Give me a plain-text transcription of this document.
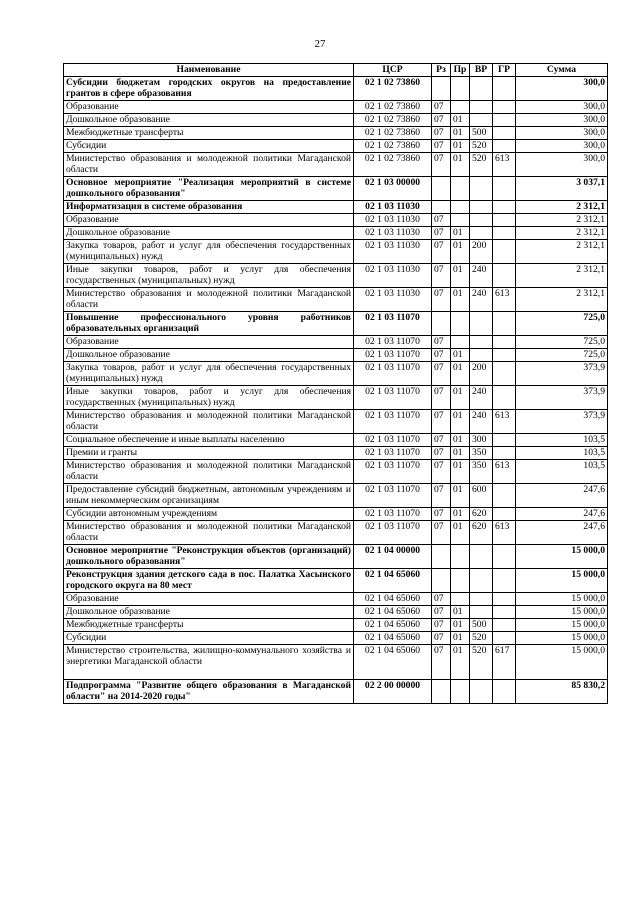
27
Наименование	ЦСР	Рз	Пр	ВР	ГР	Сумма
Субсидии бюджетам городских округов на предоставление грантов в сфере образования	02 1 02 73860					300,0
Образование	02 1 02 73860	07				300,0
Дошкольное образование	02 1 02 73860	07	01			300,0
Межбюджетные трансферты	02 1 02 73860	07	01	500		300,0
Субсидии	02 1 02 73860	07	01	520		300,0
Министерство образования и молодежной политики Магаданской области	02 1 02 73860	07	01	520	613	300,0
Основное мероприятие "Реализация мероприятий в системе дошкольного образования"	02 1 03 00000					3 037,1
Информатизация в системе образования	02 1 03 11030					2 312,1
Образование	02 1 03 11030	07				2 312,1
Дошкольное образование	02 1 03 11030	07	01			2 312,1
Закупка товаров, работ и услуг для обеспечения государственных (муниципальных) нужд	02 1 03 11030	07	01	200		2 312,1
Иные закупки товаров, работ и услуг для обеспечения государственных (муниципальных) нужд	02 1 03 11030	07	01	240		2 312,1
Министерство образования и молодежной политики Магаданской области	02 1 03 11030	07	01	240	613	2 312,1
Повышение профессионального уровня работников образовательных организаций	02 1 03 11070					725,0
Образование	02 1 03 11070	07				725,0
Дошкольное образование	02 1 03 11070	07	01			725,0
Закупка товаров, работ и услуг для обеспечения государственных (муниципальных) нужд	02 1 03 11070	07	01	200		373,9
Иные закупки товаров, работ и услуг для обеспечения государственных (муниципальных) нужд	02 1 03 11070	07	01	240		373,9
Министерство образования и молодежной политики Магаданской области	02 1 03 11070	07	01	240	613	373,9
Социальное обеспечение и иные выплаты населению	02 1 03 11070	07	01	300		103,5
Премии и гранты	02 1 03 11070	07	01	350		103,5
Министерство образования и молодежной политики Магаданской области	02 1 03 11070	07	01	350	613	103,5
Предоставление субсидий бюджетным, автономным учреждениям и иным некоммерческим организациям	02 1 03 11070	07	01	600		247,6
Субсидии автономным учреждениям	02 1 03 11070	07	01	620		247,6
Министерство образования и молодежной политики Магаданской области	02 1 03 11070	07	01	620	613	247,6
Основное мероприятие "Реконструкция объектов (организаций) дошкольного образования"	02 1 04 00000					15 000,0
Реконструкция здания детского сада в пос. Палатка Хасынского городского округа на 80 мест	02 1 04 65060					15 000,0
Образование	02 1 04 65060	07				15 000,0
Дошкольное образование	02 1 04 65060	07	01			15 000,0
Межбюджетные трансферты	02 1 04 65060	07	01	500		15 000,0
Субсидии	02 1 04 65060	07	01	520		15 000,0
Министерство строительства, жилищно-коммунального хозяйства и энергетики Магаданской области	02 1 04 65060	07	01	520	617	15 000,0
Подпрограмма "Развитие общего образования в Магаданской области" на 2014-2020 годы"	02 2 00 00000					85 830,2
